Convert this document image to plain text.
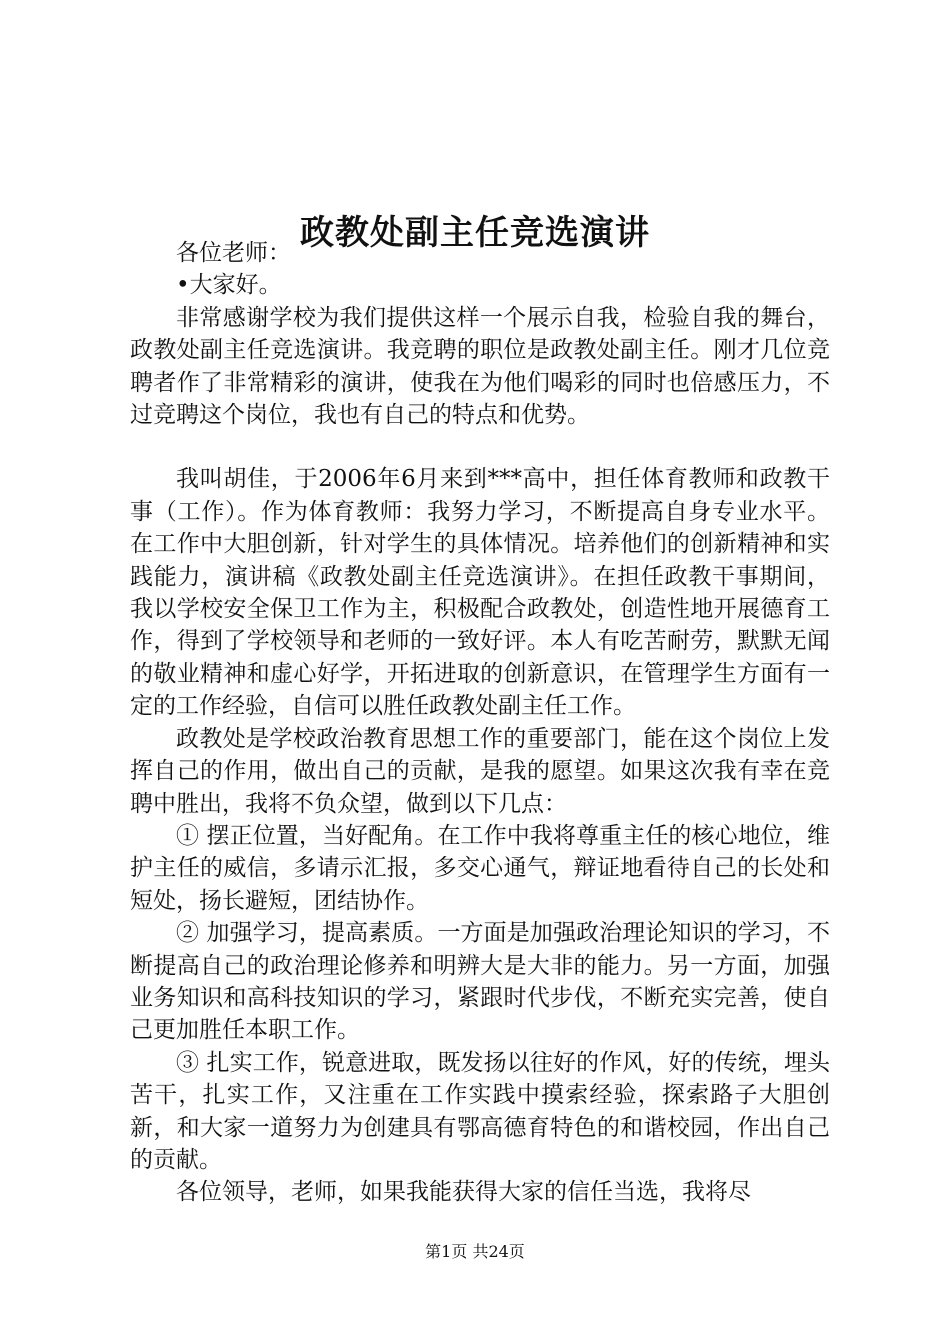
政教处副主任竞选演讲

各位老师：

•大家好。

非常感谢学校为我们提供这样一个展示自我，检验自我的舞台，政教处副主任竞选演讲。我竞聘的职位是政教处副主任。刚才几位竞聘者作了非常精彩的演讲，使我在为他们喝彩的同时也倍感压力，不过竞聘这个岗位，我也有自己的特点和优势。

我叫胡佳，于2006年6月来到***高中，担任体育教师和政教干事（工作）。作为体育教师：我努力学习，不断提高自身专业水平。在工作中大胆创新，针对学生的具体情况。培养他们的创新精神和实践能力，演讲稿《政教处副主任竞选演讲》。在担任政教干事期间，我以学校安全保卫工作为主，积极配合政教处，创造性地开展德育工作，得到了学校领导和老师的一致好评。本人有吃苦耐劳，默默无闻的敬业精神和虚心好学，开拓进取的创新意识，在管理学生方面有一定的工作经验，自信可以胜任政教处副主任工作。

政教处是学校政治教育思想工作的重要部门，能在这个岗位上发挥自己的作用，做出自己的贡献，是我的愿望。如果这次我有幸在竞聘中胜出，我将不负众望，做到以下几点：

① 摆正位置，当好配角。在工作中我将尊重主任的核心地位，维护主任的威信，多请示汇报，多交心通气，辩证地看待自己的长处和短处，扬长避短，团结协作。

② 加强学习，提高素质。一方面是加强政治理论知识的学习，不断提高自己的政治理论修养和明辨大是大非的能力。另一方面，加强业务知识和高科技知识的学习，紧跟时代步伐，不断充实完善，使自己更加胜任本职工作。

③ 扎实工作，锐意进取，既发扬以往好的作风，好的传统，埋头苦干，扎实工作，又注重在工作实践中摸索经验，探索路子大胆创新，和大家一道努力为创建具有鄂高德育特色的和谐校园，作出自己的贡献。

各位领导，老师，如果我能获得大家的信任当选，我将尽

第1页 共24页
